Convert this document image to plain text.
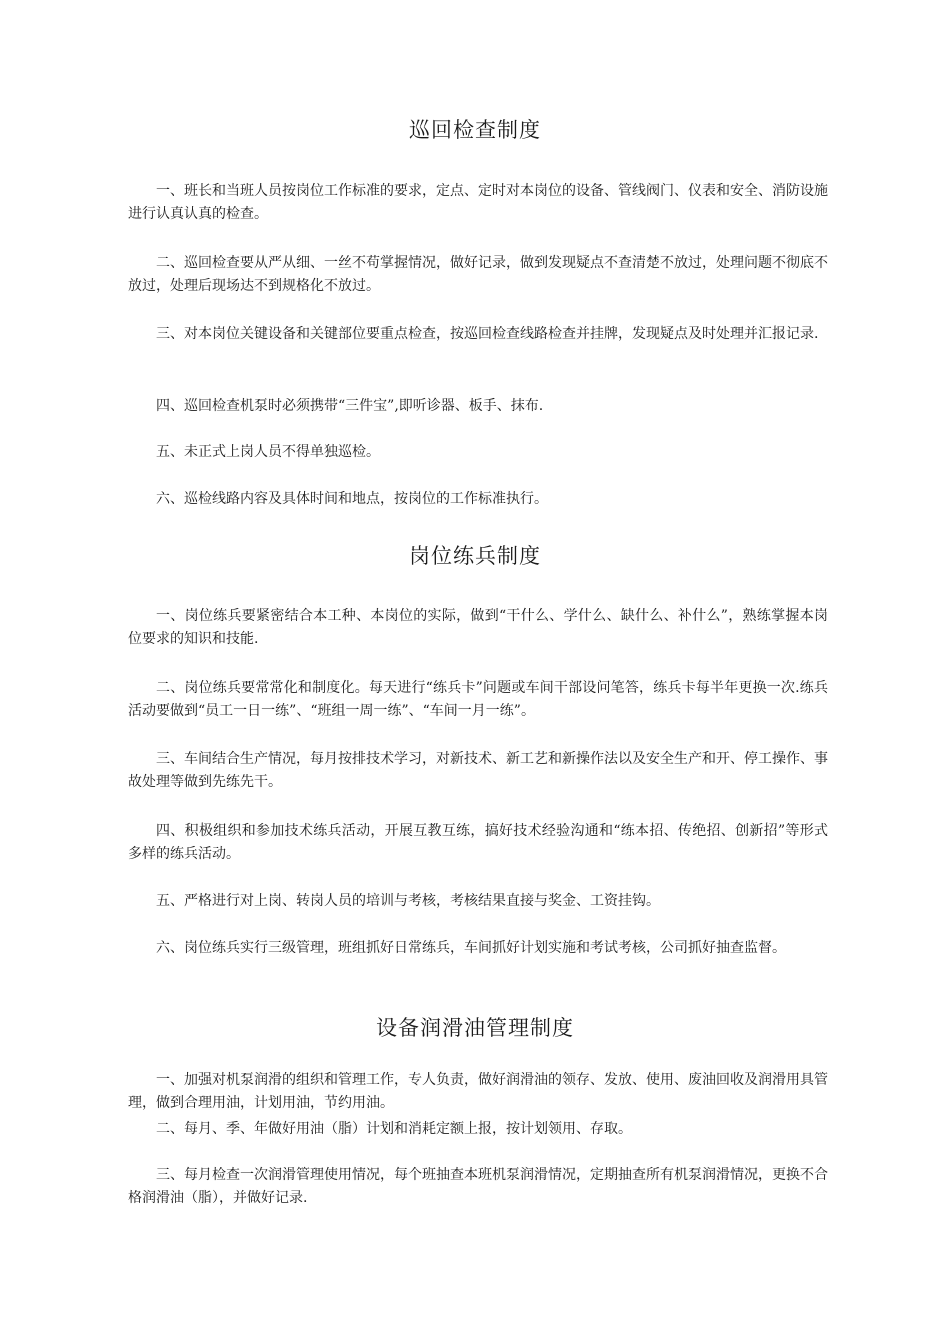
巡回检查制度

一、班长和当班人员按岗位工作标准的要求，定点、定时对本岗位的设备、管线阀门、仪表和安全、消防设施进行认真认真的检查。

二、巡回检查要从严从细、一丝不苟掌握情况，做好记录，做到发现疑点不查清楚不放过，处理问题不彻底不放过，处理后现场达不到规格化不放过。

三、对本岗位关键设备和关键部位要重点检查，按巡回检查线路检查并挂牌，发现疑点及时处理并汇报记录.

四、巡回检查机泵时必须携带“三件宝”,即听诊器、板手、抹布.

五、未正式上岗人员不得单独巡检。

六、巡检线路内容及具体时间和地点，按岗位的工作标准执行。

岗位练兵制度

一、岗位练兵要紧密结合本工种、本岗位的实际，做到“干什么、学什么、缺什么、补什么”，熟练掌握本岗位要求的知识和技能.

二、岗位练兵要常常化和制度化。每天进行“练兵卡”问题或车间干部设问笔答，练兵卡每半年更换一次.练兵活动要做到“员工一日一练”、“班组一周一练”、“车间一月一练”。

三、车间结合生产情况，每月按排技术学习，对新技术、新工艺和新操作法以及安全生产和开、停工操作、事故处理等做到先练先干。

四、积极组织和参加技术练兵活动，开展互教互练，搞好技术经验沟通和“练本招、传绝招、创新招”等形式多样的练兵活动。

五、严格进行对上岗、转岗人员的培训与考核，考核结果直接与奖金、工资挂钩。

六、岗位练兵实行三级管理，班组抓好日常练兵，车间抓好计划实施和考试考核，公司抓好抽查监督。

设备润滑油管理制度

一、加强对机泵润滑的组织和管理工作，专人负责，做好润滑油的领存、发放、使用、废油回收及润滑用具管理，做到合理用油，计划用油，节约用油。

二、每月、季、年做好用油（脂）计划和消耗定额上报，按计划领用、存取。

三、每月检查一次润滑管理使用情况，每个班抽查本班机泵润滑情况，定期抽查所有机泵润滑情况，更换不合格润滑油（脂），并做好记录.
